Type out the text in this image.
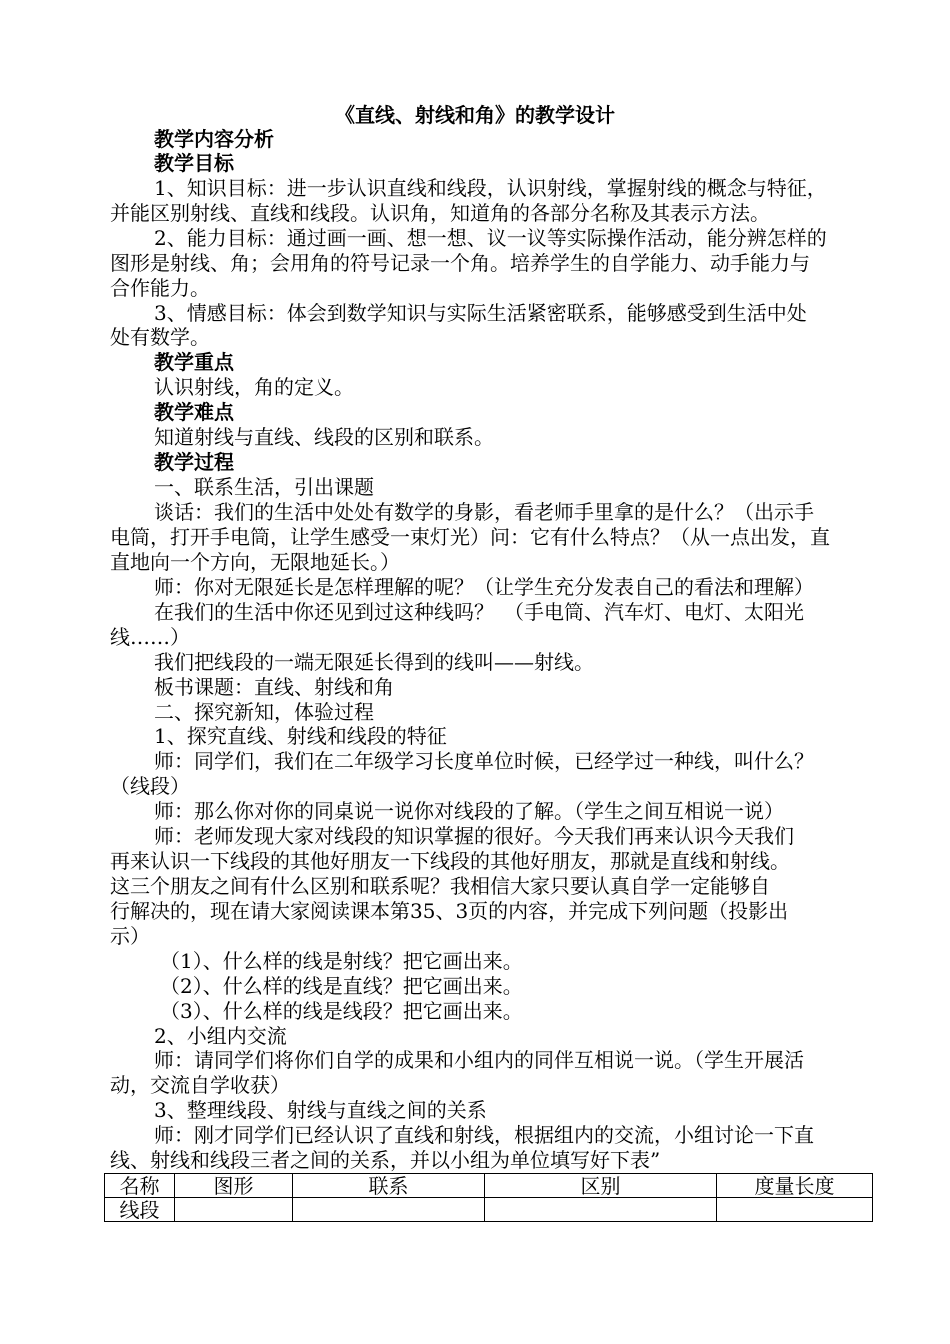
《直线、射线和角》的教学设计
教学内容分析
教学目标
1、知识目标：进一步认识直线和线段，认识射线，掌握射线的概念与特征，
并能区别射线、直线和线段。认识角，知道角的各部分名称及其表示方法。
2、能力目标：通过画一画、想一想、议一议等实际操作活动，能分辨怎样的
图形是射线、角；会用角的符号记录一个角。培养学生的自学能力、动手能力与
合作能力。
3、情感目标：体会到数学知识与实际生活紧密联系，能够感受到生活中处
处有数学。
教学重点
认识射线，角的定义。
教学难点
知道射线与直线、线段的区别和联系。
教学过程
一、联系生活，引出课题
谈话：我们的生活中处处有数学的身影，看老师手里拿的是什么？（出示手
电筒，打开手电筒，让学生感受一束灯光）问：它有什么特点？（从一点出发，直
直地向一个方向，无限地延长。）
师：你对无限延长是怎样理解的呢？（让学生充分发表自己的看法和理解）
在我们的生活中你还见到过这种线吗？　（手电筒、汽车灯、电灯、太阳光
线……）
我们把线段的一端无限延长得到的线叫——射线。
板书课题：直线、射线和角
二、探究新知，体验过程
1、探究直线、射线和线段的特征
师：同学们，我们在二年级学习长度单位时候，已经学过一种线，叫什么？
（线段）
师：那么你对你的同桌说一说你对线段的了解。（学生之间互相说一说）
师：老师发现大家对线段的知识掌握的很好。今天我们再来认识今天我们
再来认识一下线段的其他好朋友一下线段的其他好朋友，那就是直线和射线。
这三个朋友之间有什么区别和联系呢？我相信大家只要认真自学一定能够自
行解决的，现在请大家阅读课本第35、3页的内容，并完成下列问题（投影出
示）
（1）、什么样的线是射线？把它画出来。
（2）、什么样的线是直线？把它画出来。
（3）、什么样的线是线段？把它画出来。
2、小组内交流
师：请同学们将你们自学的成果和小组内的同伴互相说一说。（学生开展活
动，交流自学收获）
3、整理线段、射线与直线之间的关系
师：刚才同学们已经认识了直线和射线，根据组内的交流，小组讨论一下直
线、射线和线段三者之间的关系，并以小组为单位填写好下表”
名称	图形	联系	区别	度量长度
线段				
